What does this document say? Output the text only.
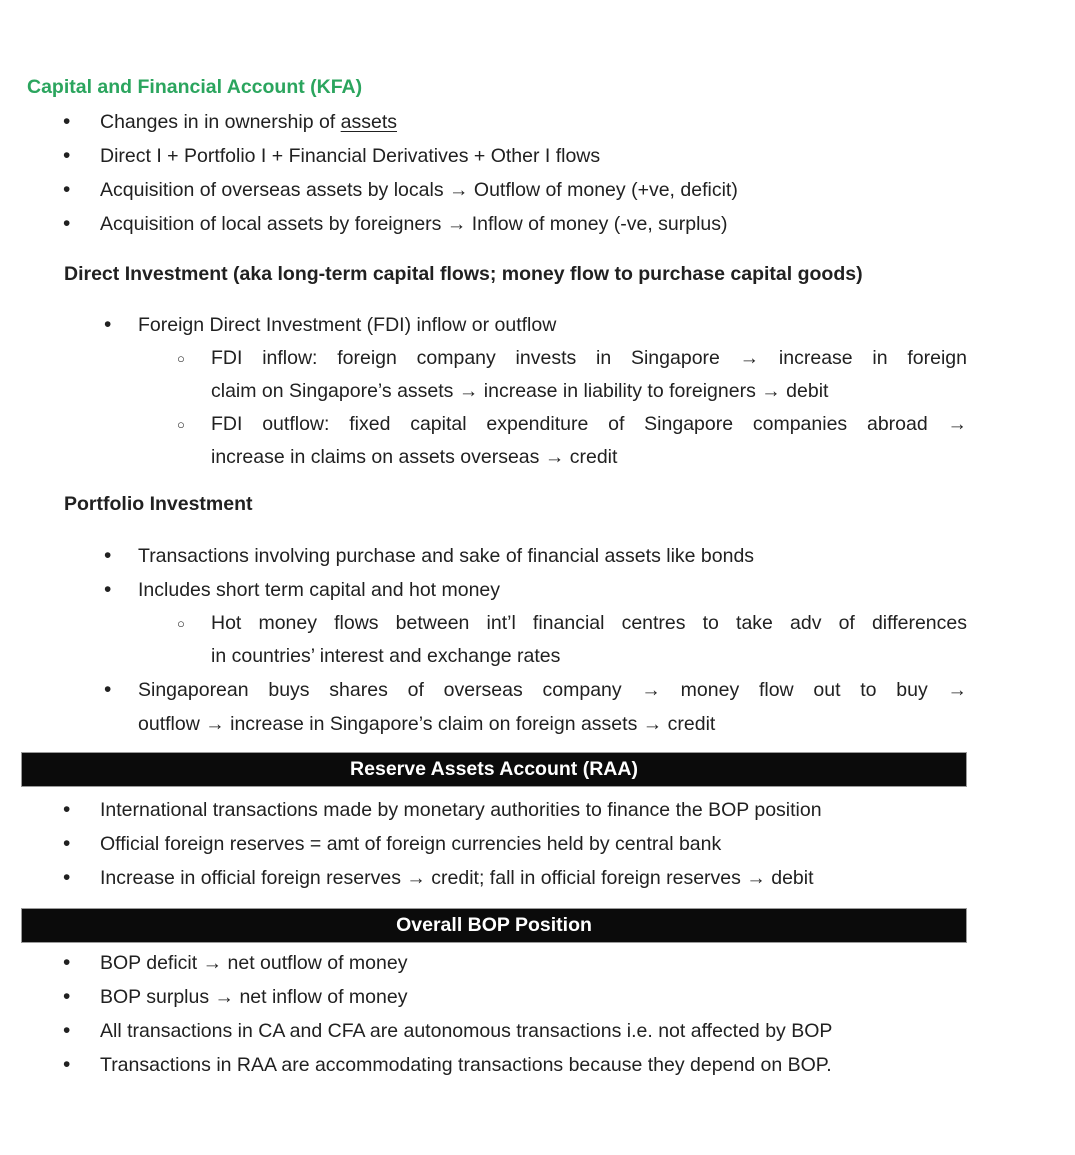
Capital and Financial Account (KFA)
• Changes in in ownership of assets
• Direct I + Portfolio I + Financial Derivatives + Other I flows
• Acquisition of overseas assets by locals → Outflow of money (+ve, deficit)
• Acquisition of local assets by foreigners → Inflow of money (-ve, surplus)
Direct Investment (aka long-term capital flows; money flow to purchase capital goods)
• Foreign Direct Investment (FDI) inflow or outflow
○ FDI inflow: foreign company invests in Singapore → increase in foreign
claim on Singapore’s assets → increase in liability to foreigners → debit
○ FDI outflow: fixed capital expenditure of Singapore companies abroad →
increase in claims on assets overseas → credit
Portfolio Investment
• Transactions involving purchase and sake of financial assets like bonds
• Includes short term capital and hot money
○ Hot money flows between int’l financial centres to take adv of differences
in countries’ interest and exchange rates
• Singaporean buys shares of overseas company → money flow out to buy →
outflow → increase in Singapore’s claim on foreign assets → credit
Reserve Assets Account (RAA)
• International transactions made by monetary authorities to finance the BOP position
• Official foreign reserves = amt of foreign currencies held by central bank
• Increase in official foreign reserves → credit; fall in official foreign reserves → debit
Overall BOP Position
• BOP deficit → net outflow of money
• BOP surplus → net inflow of money
• All transactions in CA and CFA are autonomous transactions i.e. not affected by BOP
• Transactions in RAA are accommodating transactions because they depend on BOP.
